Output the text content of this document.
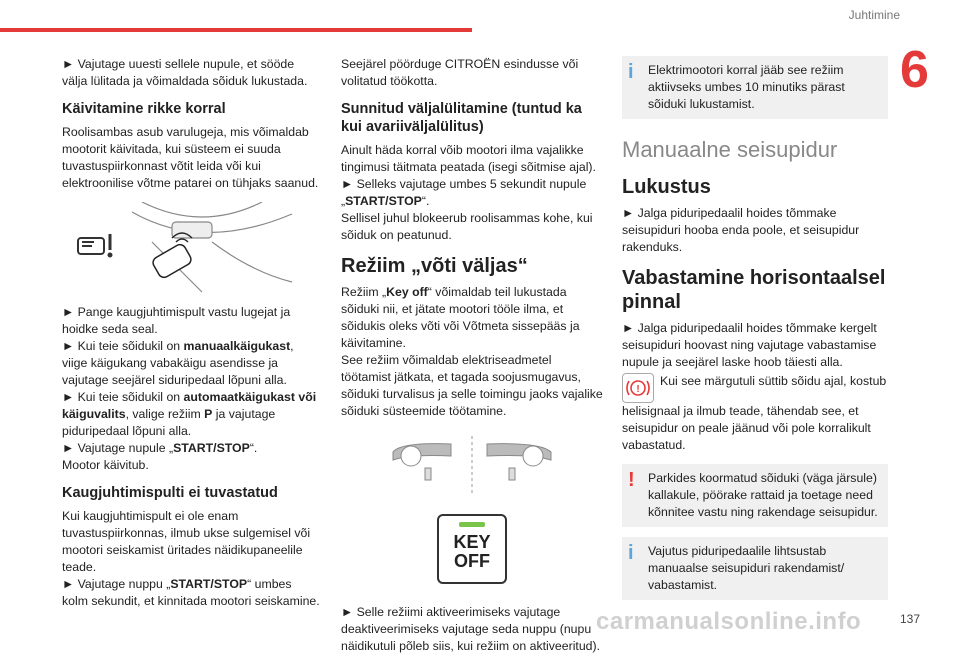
Juhtimine
6

► Vajutage uuesti sellele nupule, et sööde välja lülitada ja võimaldada sõiduk lukustada.

Käivitamine rikke korral

Roolisambas asub varulugeja, mis võimaldab mootorit käivitada, kui süsteem ei suuda tuvastuspiirkonnast võtit leida või kui elektroonilise võtme patarei on tühjaks saanud.

► Pange kaugjuhtimispult vastu lugejat ja hoidke seda seal.

► Kui teie sõidukil on manuaalkäigukast, viige käigukang vabakäigu asendisse ja vajutage seejärel siduripedaal lõpuni alla.

► Kui teie sõidukil on automaatkäigukast või käiguvalits, valige režiim P ja vajutage piduripedaal lõpuni alla.

► Vajutage nupule „START/STOP“.

Mootor käivitub.

Kaugjuhtimispulti ei tuvastatud

Kui kaugjuhtimispult ei ole enam tuvastuspiirkonnas, ilmub ukse sulgemisel või mootori seiskamist üritades näidikupaneelile teade.

► Vajutage nuppu „START/STOP“ umbes kolm sekundit, et kinnitada mootori seiskamine.

Seejärel pöörduge CITROËN esindusse või volitatud töökotta.

Sunnitud väljalülitamine (tuntud ka kui avariiväljalülitus)

Ainult häda korral võib mootori ilma vajalikke tingimusi täitmata peatada (isegi sõitmise ajal).

► Selleks vajutage umbes 5 sekundit nupule „START/STOP“.

Sellisel juhul blokeerub roolisammas kohe, kui sõiduk on peatunud.

Režiim „võti väljas“

Režiim „Key off“ võimaldab teil lukustada sõiduki nii, et jätate mootori tööle ilma, et sõidukis oleks võti või Võtmeta sissepääs ja käivitamine.

See režiim võimaldab elektriseadmetel töötamist jätkata, et tagada soojusmugavus, sõiduki turvalisus ja selle toimingu jaoks vajalike sõiduki süsteemide töötamine.

KEY
OFF

► Selle režiimi aktiveerimiseks vajutage deaktiveerimiseks vajutage seda nuppu (nupu näidikutuli põleb siis, kui režiim on aktiveeritud).

i	Elektrimootori korral jääb see režiim aktiivseks umbes 10 minutiks pärast sõiduki lukustamist.
Manuaalne seisupidur
Lukustus

► Jalga piduripedaalil hoides tõmmake seisupiduri hooba enda poole, et seisupidur rakenduks.

Vabastamine horisontaalsel pinnal

► Jalga piduripedaalil hoides tõmmake kergelt seisupiduri hoovast ning vajutage vabastamise nupule ja seejärel laske hoob täiesti alla.

!
Kui see märgutuli süttib sõidu ajal, kostub helisignaal ja ilmub teade, tähendab see, et seisupidur on peale jäänud või pole korralikult vabastatud.

!	Parkides koormatud sõiduki (väga järsule) kallakule, pöörake rattaid ja toetage need kõnnitee vastu ning rakendage seisupidur.
i	Vajutus piduripedaalile lihtsustab manuaalse seisupiduri rakendamist/ vabastamist.
carmanualsonline.info	137
